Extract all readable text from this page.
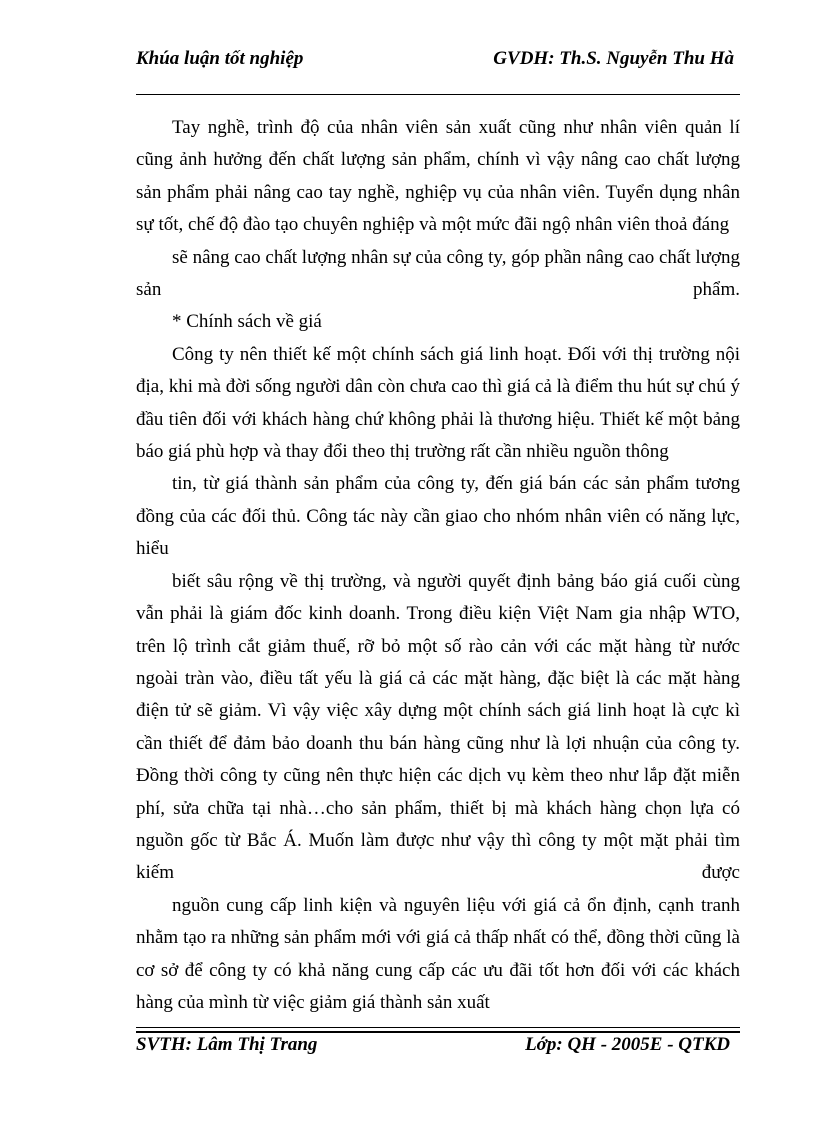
Khúa luận tốt nghiệp	GVDH: Th.S. Nguyễn Thu Hà

Tay nghề, trình độ của nhân viên sản xuất cũng như nhân viên quản lí cũng ảnh hưởng đến chất lượng sản phẩm, chính vì vậy nâng cao chất lượng sản phẩm phải nâng cao tay nghề, nghiệp vụ của nhân viên. Tuyển dụng nhân sự tốt, chế độ đào tạo chuyên nghiệp và một mức đãi ngộ nhân viên thoả đáng

sẽ nâng cao chất lượng nhân sự của công ty, góp phần nâng cao chất lượng sản phẩm.

* Chính sách về giá

Công ty nên thiết kế một chính sách giá linh hoạt. Đối với thị trường nội địa, khi mà đời sống người dân còn chưa cao thì giá cả là điểm thu hút sự chú ý đầu tiên đối với khách hàng chứ không phải là thương hiệu. Thiết kế một bảng báo giá phù hợp và thay đổi theo thị trường rất cần nhiều nguồn thông

tin, từ giá thành sản phẩm của công ty, đến giá bán các sản phẩm tương đồng của các đối thủ. Công tác này cần giao cho nhóm nhân viên có năng lực, hiểu

biết sâu rộng về thị trường, và người quyết định bảng báo giá cuối cùng vẫn phải là giám đốc kinh doanh. Trong điều kiện Việt Nam gia nhập WTO, trên lộ trình cắt giảm thuế, rỡ bỏ một số rào cản với các mặt hàng từ nước ngoài tràn vào, điều tất yếu là giá cả các mặt hàng, đặc biệt là các mặt hàng điện tử sẽ giảm. Vì vậy việc xây dựng một chính sách giá linh hoạt là cực kì cần thiết để đảm bảo doanh thu bán hàng cũng như là lợi nhuận của công ty. Đồng thời công ty cũng nên thực hiện các dịch vụ kèm theo như lắp đặt miễn phí, sửa chữa tại nhà…cho sản phẩm, thiết bị mà khách hàng chọn lựa có nguồn gốc từ Bắc Á. Muốn làm được như vậy thì công ty một mặt phải tìm kiếm được

nguồn cung cấp linh kiện và nguyên liệu với giá cả ổn định, cạnh tranh nhằm tạo ra những sản phẩm mới với giá cả thấp nhất có thể, đồng thời cũng là cơ sở để công ty có khả năng cung cấp các ưu đãi tốt hơn đối với các khách hàng của mình từ việc giảm giá thành sản xuất

SVTH: Lâm Thị Trang	Lớp: QH - 2005E - QTKD
